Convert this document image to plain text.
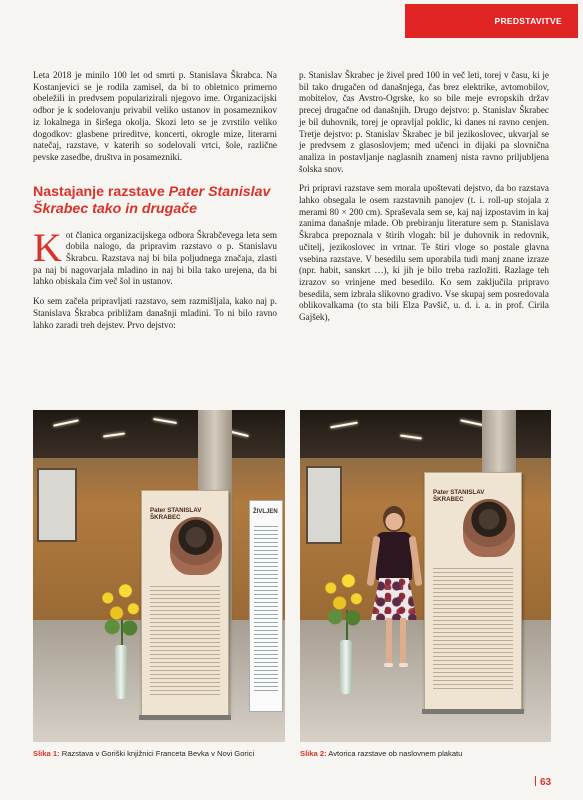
PREDSTAVITVE

Leta 2018 je minilo 100 let od smrti p. Stanislava Škrabca. Na Kostanjevici se je rodila zamisel, da bi to obletnico primerno obeležili in predvsem popularizirali njegovo ime. Organizacijski odbor je k sodelovanju privabil veliko ustanov in posameznikov iz lokalnega in širšega okolja. Skozi leto se je zvrstilo veliko dogodkov: glasbene prireditve, koncerti, okrogle mize, literarni natečaj, razstave, v katerih so sodelovali vrtci, šole, različne pevske zasedbe, društva in posamezniki.

Nastajanje razstave Pater Stanislav Škrabec tako in drugače

Kot članica organizacijskega odbora Škrabčevega leta sem dobila nalogo, da pripravim razstavo o p. Stanislavu Škrabcu. Razstava naj bi bila poljudnega značaja, zlasti pa naj bi nagovarjala mladino in naj bi bila tako urejena, da bi lahko obiskala čim več šol in ustanov.

Ko sem začela pripravljati razstavo, sem razmišljala, kako naj p. Stanislava Škrabca približam današnji mladini. To ni bilo ravno lahko zaradi treh dejstev. Prvo dejstvo:

p. Stanislav Škrabec je živel pred 100 in več leti, torej v času, ki je bil tako drugačen od današnjega, čas brez elektrike, avtomobilov, mobitelov, čas Avstro-Ogrske, ko so bile meje evropskih držav precej drugačne od današnjih. Drugo dejstvo: p. Stanislav Škrabec je bil duhovnik, torej je opravljal poklic, ki danes ni ravno cenjen. Tretje dejstvo: p. Stanislav Škrabec je bil jezikoslovec, ukvarjal se je predvsem z glasoslovjem; med učenci in dijaki pa slovnična analiza in postavljanje naglasnih znamenj nista ravno priljubljena šolska snov.

Pri pripravi razstave sem morala upoštevati dejstvo, da bo razstava lahko obsegala le osem razstavnih panojev (t. i. roll-up stojala z merami 80 × 200 cm). Spraševala sem se, kaj naj izpostavim in kaj zanima današnje mlade. Ob prebiranju literature sem p. Stanislava Škrabca prepoznala v štirih vlogah: bil je duhovnik in redovnik, učitelj, jezikoslovec in vrtnar. Te štiri vloge so postale glavna vsebina razstave. V besedilu sem uporabila tudi manj znane izraze (npr. habit, sanskrt …), ki jih je bilo treba razložiti. Razlage teh izrazov so vrinjene med besedilo. Ko sem zaključila pripravo besedila, sem izbrala slikovno gradivo. Vse skupaj sem posredovala oblikovalkama (to sta bili Elza Pavšič, u. d. i. a. in prof. Cirila Gajšek),

ŽIVLJEN
Pater STANISLAV
ŠKRABEC
Pater STANISLAV
ŠKRABEC
Slika 1: Razstava v Goriški knjižnici Franceta Bevka v Novi Gorici	Slika 2: Avtorica razstave ob naslovnem plakatu
63
